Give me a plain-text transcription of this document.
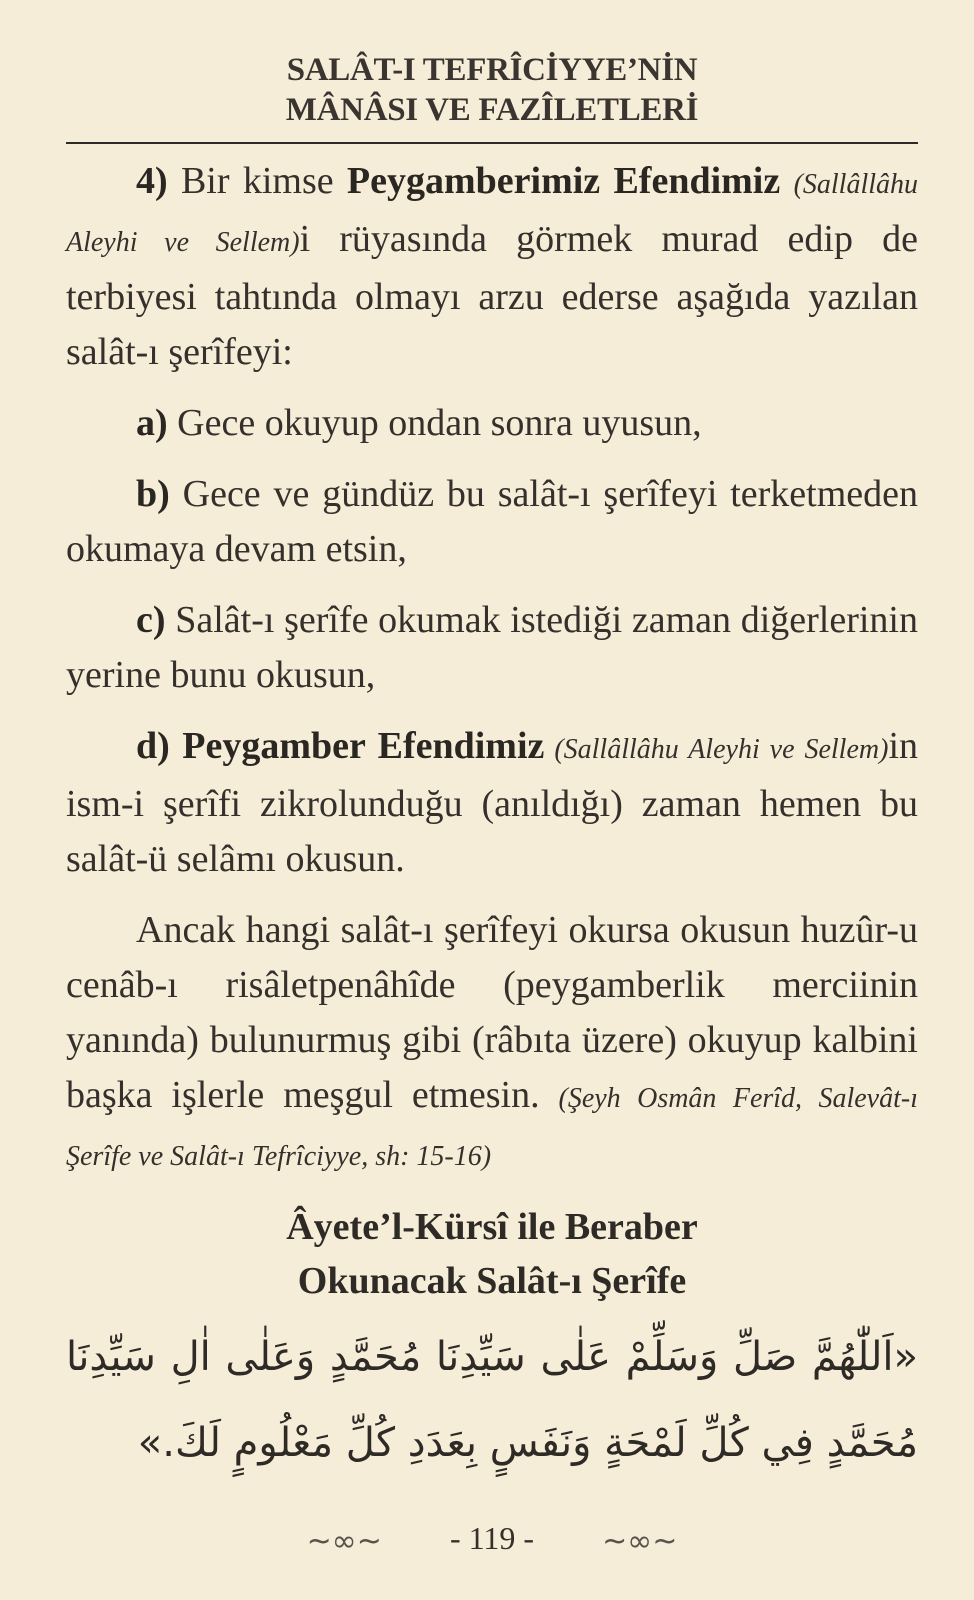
SALÂT-I TEFRÎCİYYE’NİN
MÂNÂSI VE FAZÎLETLERİ

4) Bir kimse Peygamberimiz Efendimiz (Sallâllâhu Aleyhi ve Sellem)i rüyasında görmek murad edip de terbiyesi tahtında olmayı arzu ederse aşağıda yazılan salât-ı şerîfeyi:

a) Gece okuyup ondan sonra uyusun,

b) Gece ve gündüz bu salât-ı şerîfeyi terketmeden okumaya devam etsin,

c) Salât-ı şerîfe okumak istediği zaman diğerlerinin yerine bunu okusun,

d) Peygamber Efendimiz (Sallâllâhu Aleyhi ve Sellem)in ism-i şerîfi zikrolunduğu (anıldığı) zaman hemen bu salât-ü selâmı okusun.

Ancak hangi salât-ı şerîfeyi okursa okusun huzûr-u cenâb-ı risâletpenâhîde (peygamberlik merciinin yanında) bulunurmuş gibi (râbıta üzere) okuyup kalbini başka işlerle meşgul etmesin. (Şeyh Osmân Ferîd, Salevât-ı Şerîfe ve Salât-ı Tefrîciyye, sh: 15-16)

Âyete’l-Kürsî ile Beraber
Okunacak Salât-ı Şerîfe
«اَللّٰهُمَّ صَلِّ وَسَلِّمْ عَلٰى سَيِّدِنَا مُحَمَّدٍ وَعَلٰى اٰلِ سَيِّدِنَا مُحَمَّدٍ فِي كُلِّ لَمْحَةٍ وَنَفَسٍ بِعَدَدِ كُلِّ مَعْلُومٍ لَكَ.»
~∞~ - 119 - ~∞~
